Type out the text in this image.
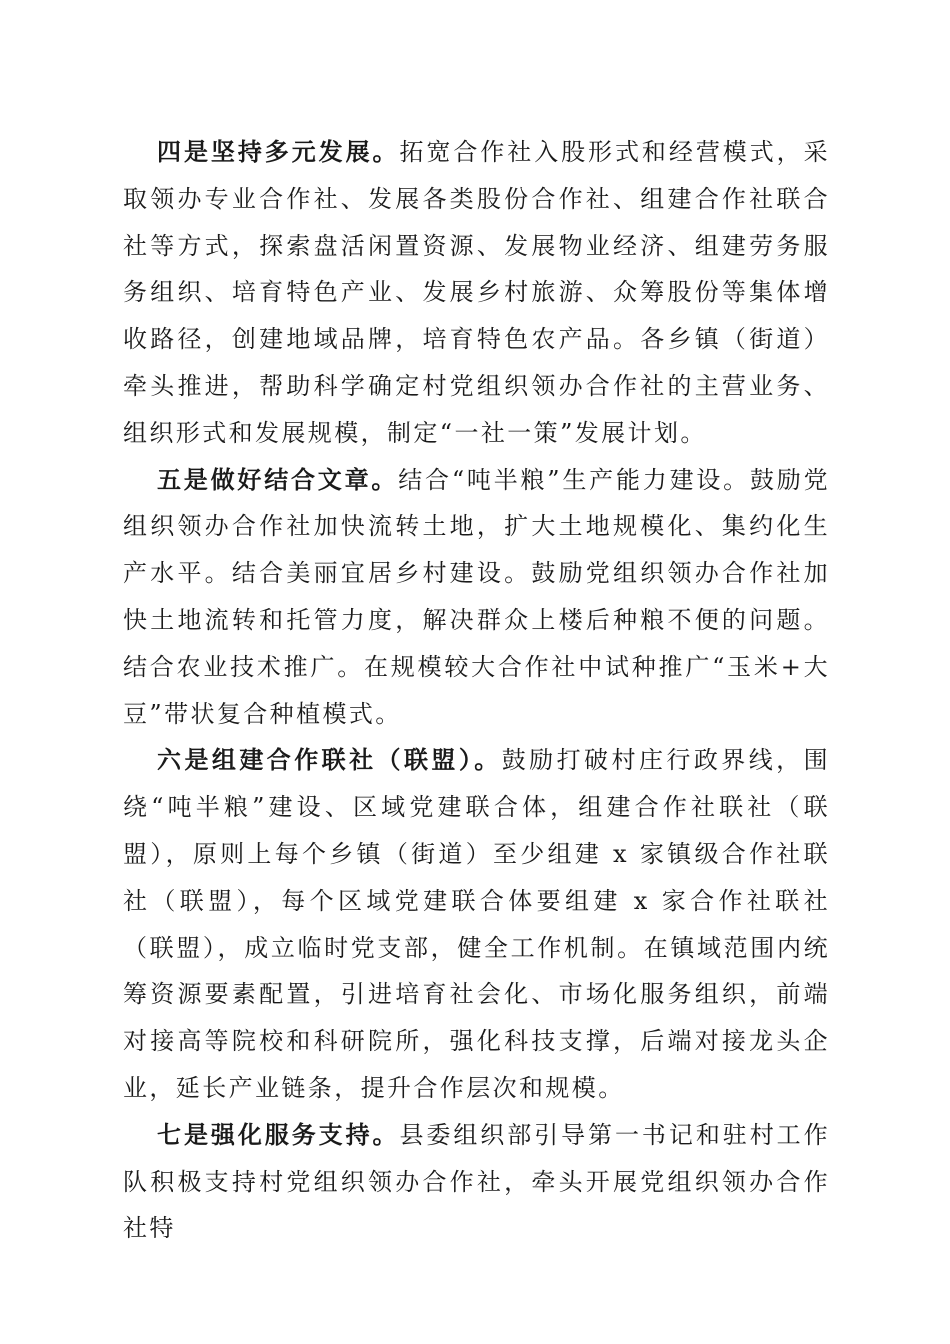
四是坚持多元发展。拓宽合作社入股形式和经营模式，采取领办专业合作社、发展各类股份合作社、组建合作社联合社等方式，探索盘活闲置资源、发展物业经济、组建劳务服务组织、培育特色产业、发展乡村旅游、众筹股份等集体增收路径，创建地域品牌，培育特色农产品。各乡镇（街道）牵头推进，帮助科学确定村党组织领办合作社的主营业务、组织形式和发展规模，制定“一社一策”发展计划。

五是做好结合文章。结合“吨半粮”生产能力建设。鼓励党组织领办合作社加快流转土地，扩大土地规模化、集约化生产水平。结合美丽宜居乡村建设。鼓励党组织领办合作社加快土地流转和托管力度，解决群众上楼后种粮不便的问题。结合农业技术推广。在规模较大合作社中试种推广“玉米+大豆”带状复合种植模式。

六是组建合作联社（联盟）。鼓励打破村庄行政界线，围绕“吨半粮”建设、区域党建联合体，组建合作社联社（联盟），原则上每个乡镇（街道）至少组建 x 家镇级合作社联社（联盟），每个区域党建联合体要组建 x 家合作社联社（联盟），成立临时党支部，健全工作机制。在镇域范围内统筹资源要素配置，引进培育社会化、市场化服务组织，前端对接高等院校和科研院所，强化科技支撑，后端对接龙头企业，延长产业链条，提升合作层次和规模。

七是强化服务支持。县委组织部引导第一书记和驻村工作队积极支持村党组织领办合作社，牵头开展党组织领办合作社特
